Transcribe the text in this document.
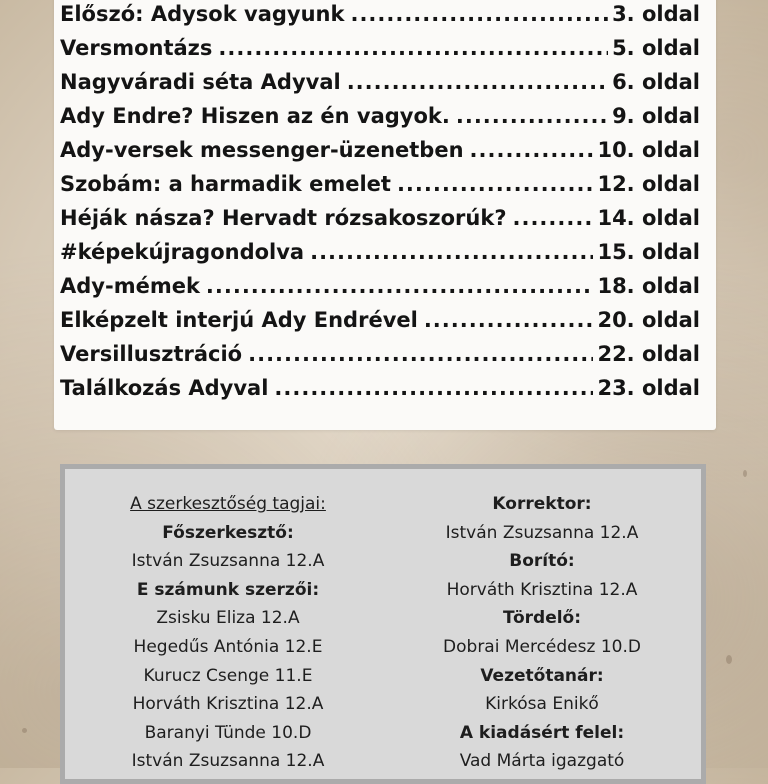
Előszó: Adysok vagyunk .....	3. oldal
Versmontázs .....	5. oldal
Nagyváradi séta Adyval .....	6. oldal
Ady Endre? Hiszen az én vagyok. .....	9. oldal
Ady-versek messenger-üzenetben .....	10. oldal
Szobám: a harmadik emelet .....	12. oldal
Héják násza? Hervadt rózsakoszorúk? .....	14. oldal
#képekújragondolva .....	15. oldal
Ady-mémek .....	18. oldal
Elképzelt interjú Ady Endrével .....	20. oldal
Versillusztráció .....	22. oldal
Találkozás Adyval .....	23. oldal
A szerkesztőség tagjai:
Főszerkesztő:
István Zsuzsanna 12.A
E számunk szerzői:
Zsisku Eliza 12.A
Hegedűs Antónia 12.E
Kurucz Csenge 11.E
Horváth Krisztina 12.A
Baranyi Tünde 10.D
István Zsuzsanna 12.A
Korrektor:
István Zsuzsanna 12.A
Borító:
Horváth Krisztina 12.A
Tördelő:
Dobrai Mercédesz 10.D
Vezetőtanár:
Kirkósa Enikő
A kiadásért felel:
Vad Márta igazgató
